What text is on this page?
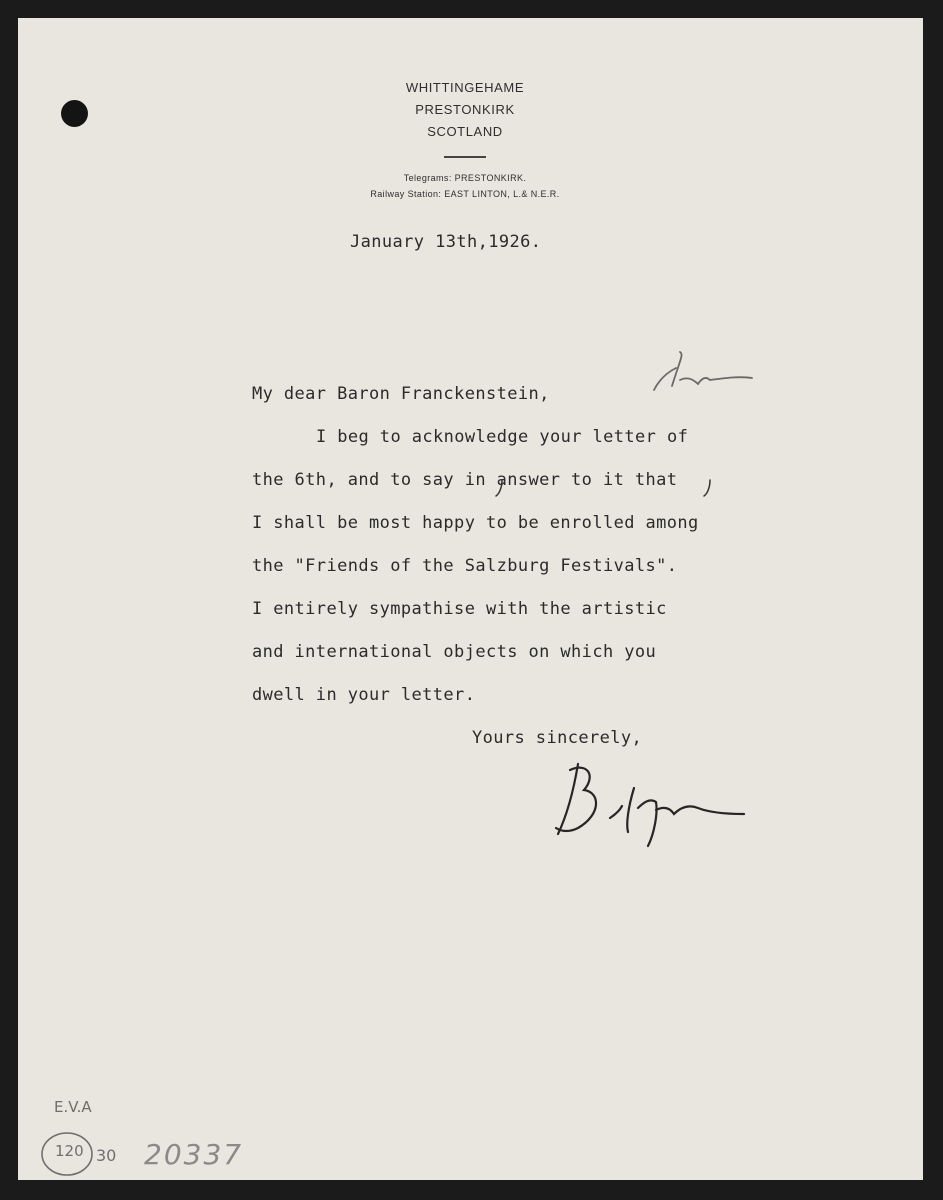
WHITTINGEHAME
PRESTONKIRK
SCOTLAND
Telegrams: PRESTONKIRK.
Railway Station: EAST LINTON, L.& N.E.R.
January 13th,1926.
My dear Baron Franckenstein,
I beg to acknowledge your letter of
the 6th, and to say in answer to it that
I shall be most happy to be enrolled among
the "Friends of the Salzburg Festivals".
I entirely sympathise with the artistic
and international objects on which you
dwell in your letter.
Yours sincerely,
E.V.A
120 30 20337
